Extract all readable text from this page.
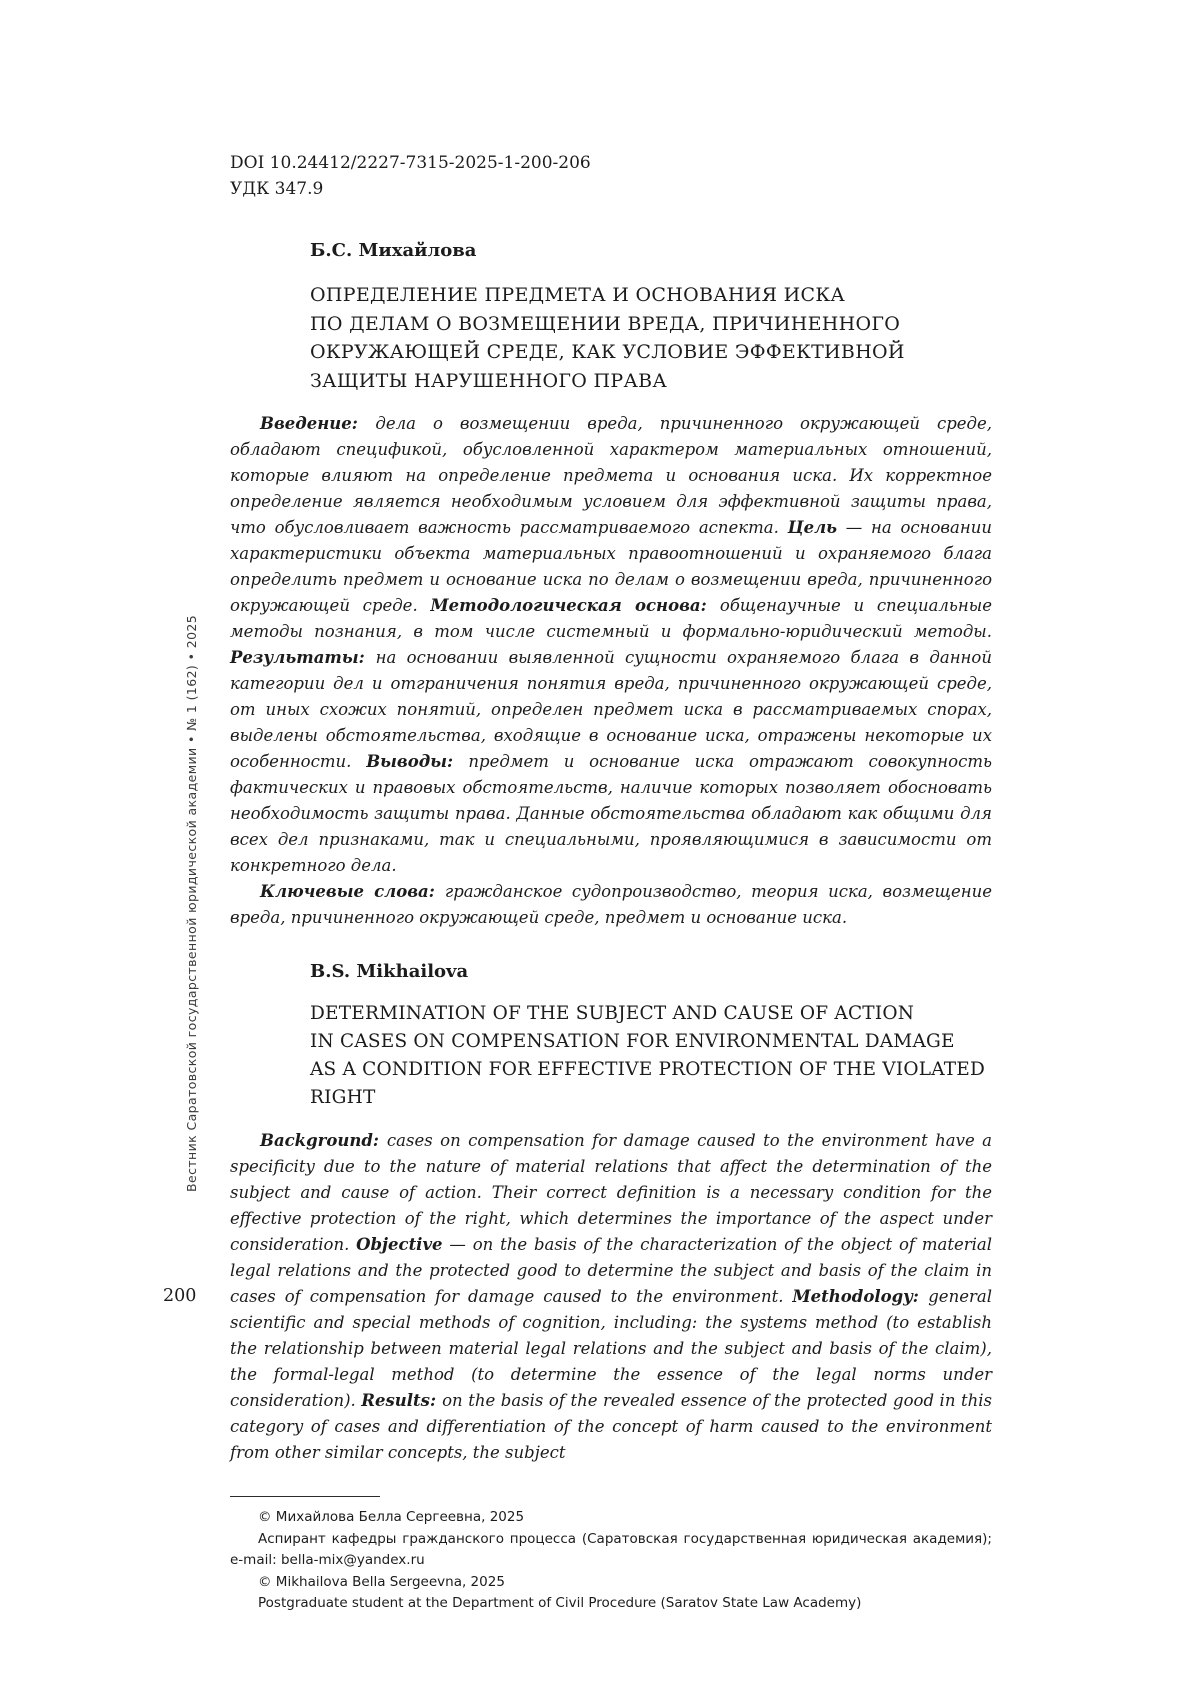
Вестник Саратовской государственной юридической академии • № 1 (162) • 2025
200

DOI 10.24412/2227-7315-2025-1-200-206

УДК 347.9

Б.С. Михайлова

ОПРЕДЕЛЕНИЕ ПРЕДМЕТА И ОСНОВАНИЯ ИСКА
ПО ДЕЛАМ О ВОЗМЕЩЕНИИ ВРЕДА, ПРИЧИНЕННОГО
ОКРУЖАЮЩЕЙ СРЕДЕ, КАК УСЛОВИЕ ЭФФЕКТИВНОЙ
ЗАЩИТЫ НАРУШЕННОГО ПРАВА

Введение: дела о возмещении вреда, причиненного окружающей среде, обладают спецификой, обусловленной характером материальных отношений, которые влияют на определение предмета и основания иска. Их корректное определение является необходимым условием для эффективной защиты права, что обусловливает важность рассматриваемого аспекта. Цель — на основании характеристики объекта материальных правоотношений и охраняемого блага определить предмет и основание иска по делам о возмещении вреда, причиненного окружающей среде. Методологическая основа: общенаучные и специальные методы познания, в том числе системный и формально-юридический методы. Результаты: на основании выявленной сущности охраняемого блага в данной категории дел и отграничения понятия вреда, причиненного окружающей среде, от иных схожих понятий, определен предмет иска в рассматриваемых спорах, выделены обстоятельства, входящие в основание иска, отражены некоторые их особенности. Выводы: предмет и основание иска отражают совокупность фактических и правовых обстоятельств, наличие которых позволяет обосновать необходимость защиты права. Данные обстоятельства обладают как общими для всех дел признаками, так и специальными, проявляющимися в зависимости от конкретного дела.

Ключевые слова: гражданское судопроизводство, теория иска, возмещение вреда, причиненного окружающей среде, предмет и основание иска.

B.S. Mikhailova

DETERMINATION OF THE SUBJECT AND CAUSE OF ACTION
IN CASES ON COMPENSATION FOR ENVIRONMENTAL DAMAGE
AS A CONDITION FOR EFFECTIVE PROTECTION OF THE VIOLATED RIGHT

Background: cases on compensation for damage caused to the environment have a specificity due to the nature of material relations that affect the determination of the subject and cause of action. Their correct definition is a necessary condition for the effective protection of the right, which determines the importance of the aspect under consideration. Objective — on the basis of the characterization of the object of material legal relations and the protected good to determine the subject and basis of the claim in cases of compensation for damage caused to the environment. Methodology: general scientific and special methods of cognition, including: the systems method (to establish the relationship between material legal relations and the subject and basis of the claim), the formal-legal method (to determine the essence of the legal norms under consideration). Results: on the basis of the revealed essence of the protected good in this category of cases and differentiation of the concept of harm caused to the environment from other similar concepts, the subject

© Михайлова Белла Сергеевна, 2025

Аспирант кафедры гражданского процесса (Саратовская государственная юридическая академия); e-mail: bella-mix@yandex.ru

© Mikhailova Bella Sergeevna, 2025

Postgraduate student at the Department of Civil Procedure (Saratov State Law Academy)
